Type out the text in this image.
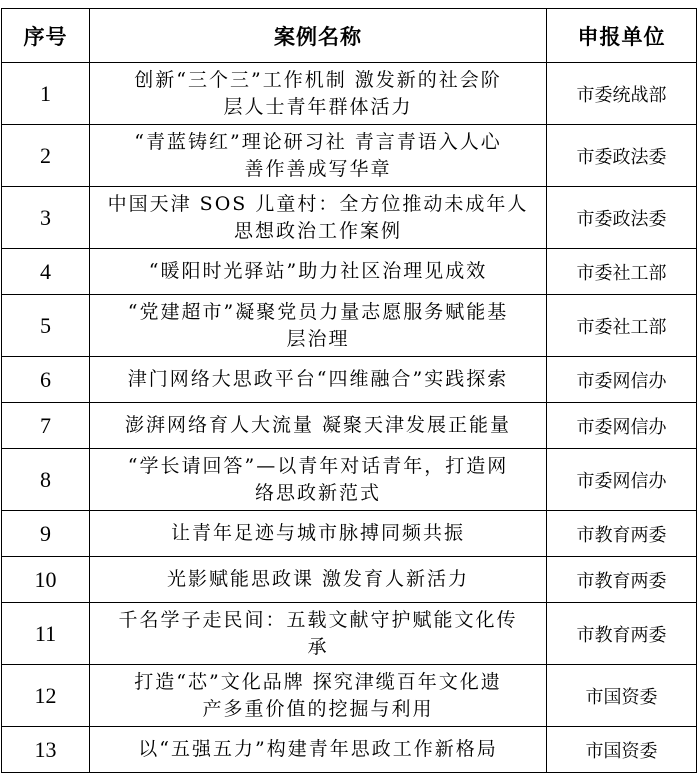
序号	案例名称	申报单位
1	创新“三个三”工作机制 激发新的社会阶
层人士青年群体活力	市委统战部
2	“青蓝铸红”理论研习社 青言青语入人心
善作善成写华章	市委政法委
3	中国天津 SOS 儿童村：全方位推动未成年人
思想政治工作案例	市委政法委
4	“暖阳时光驿站”助力社区治理见成效	市委社工部
5	“党建超市”凝聚党员力量志愿服务赋能基
层治理	市委社工部
6	津门网络大思政平台“四维融合”实践探索	市委网信办
7	澎湃网络育人大流量 凝聚天津发展正能量	市委网信办
8	“学长请回答”—以青年对话青年，打造网
络思政新范式	市委网信办
9	让青年足迹与城市脉搏同频共振	市教育两委
10	光影赋能思政课 激发育人新活力	市教育两委
11	千名学子走民间：五载文献守护赋能文化传
承	市教育两委
12	打造“芯”文化品牌 探究津缆百年文化遗
产多重价值的挖掘与利用	市国资委
13	以“五强五力”构建青年思政工作新格局	市国资委
